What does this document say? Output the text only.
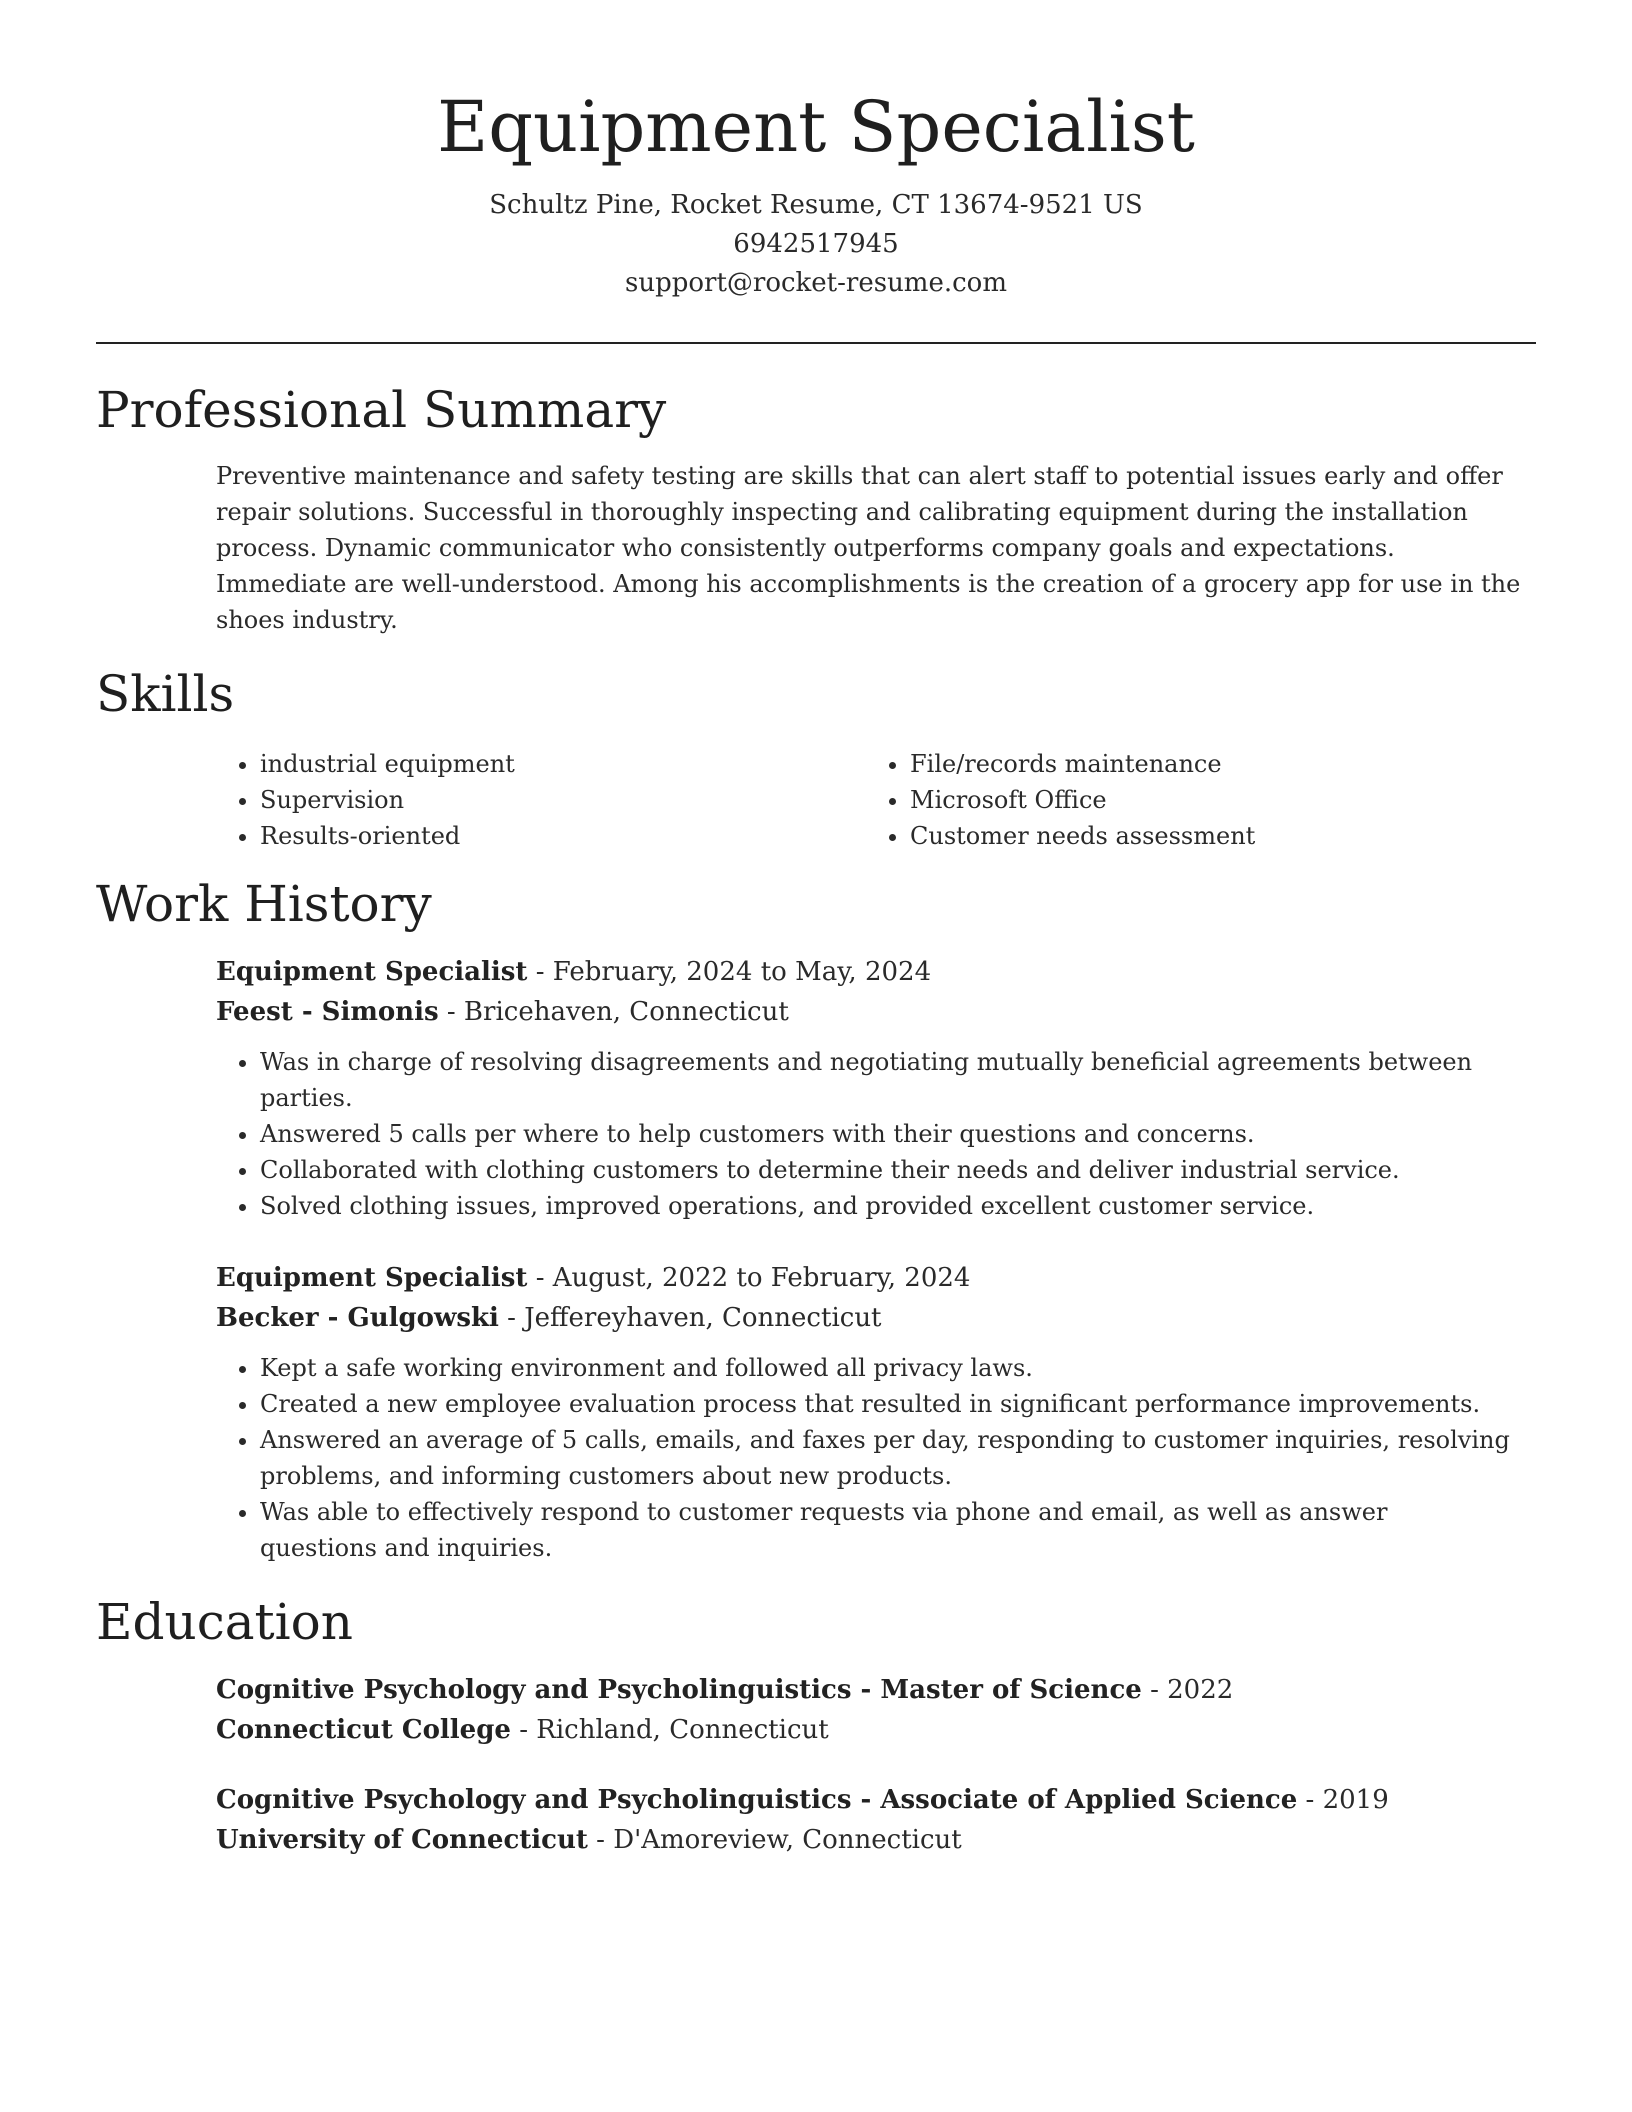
Equipment Specialist
Schultz Pine, Rocket Resume, CT 13674-9521 US
6942517945
support@rocket-resume.com
Professional Summary
Preventive maintenance and safety testing are skills that can alert staff to potential issues early and offer repair solutions. Successful in thoroughly inspecting and calibrating equipment during the installation process. Dynamic communicator who consistently outperforms company goals and expectations. Immediate are well-understood. Among his accomplishments is the creation of a grocery app for use in the shoes industry.
Skills
• industrial equipment
• Supervision
• Results-oriented
• File/records maintenance
• Microsoft Office
• Customer needs assessment
Work History
Equipment Specialist - February, 2024 to May, 2024
Feest - Simonis - Bricehaven, Connecticut
• Was in charge of resolving disagreements and negotiating mutually beneficial agreements between parties.
• Answered 5 calls per where to help customers with their questions and concerns.
• Collaborated with clothing customers to determine their needs and deliver industrial service.
• Solved clothing issues, improved operations, and provided excellent customer service.
Equipment Specialist - August, 2022 to February, 2024
Becker - Gulgowski - Jeffereyhaven, Connecticut
• Kept a safe working environment and followed all privacy laws.
• Created a new employee evaluation process that resulted in significant performance improvements.
• Answered an average of 5 calls, emails, and faxes per day, responding to customer inquiries, resolving problems, and informing customers about new products.
• Was able to effectively respond to customer requests via phone and email, as well as answer questions and inquiries.
Education
Cognitive Psychology and Psycholinguistics - Master of Science - 2022
Connecticut College - Richland, Connecticut
Cognitive Psychology and Psycholinguistics - Associate of Applied Science - 2019
University of Connecticut - D'Amoreview, Connecticut
